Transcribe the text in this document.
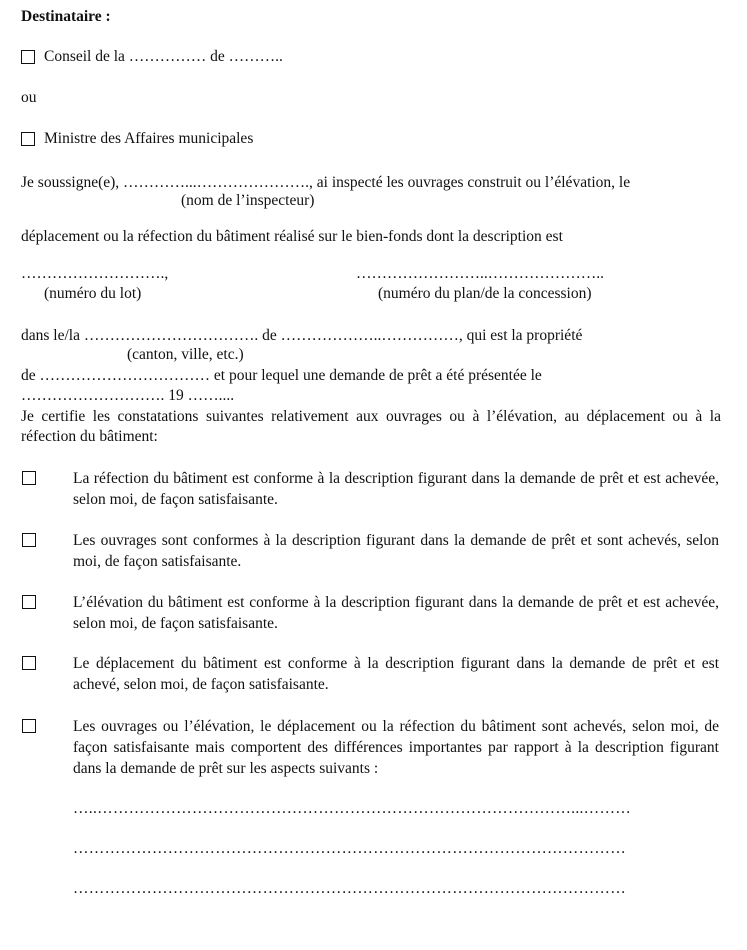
Destinataire :
Conseil de la …………… de ………..
ou
Ministre des Affaires municipales
Je soussigne(e), …………...…………………., ai inspecté les ouvrages construit ou l’élévation, le
(nom de l’inspecteur)
déplacement ou la réfection du bâtiment réalisé sur le bien-fonds dont la description est
……………………….,	……………………..…………………..
(numéro du lot)	(numéro du plan/de la concession)
dans le/la ……………………………. de ………………..……………, qui est la propriété
(canton, ville, etc.)
de …………………………… et pour lequel une demande de prêt a été présentée le
………………………. 19 ……....
Je certifie les constatations suivantes relativement aux ouvrages ou à l’élévation, au déplacement ou à la réfection du bâtiment:
La réfection du bâtiment est conforme à la description figurant dans la demande de prêt et est achevée, selon moi, de façon satisfaisante.
Les ouvrages sont conformes à la description figurant dans la demande de prêt et sont achevés, selon moi, de façon satisfaisante.
L’élévation du bâtiment est conforme à la description figurant dans la demande de prêt et est achevée, selon moi, de façon satisfaisante.
Le déplacement du bâtiment est conforme à la description figurant dans la demande de prêt et est achevé, selon moi, de façon satisfaisante.
Les ouvrages ou l’élévation, le déplacement ou la réfection du bâtiment sont achevés, selon moi, de façon satisfaisante mais comportent des différences importantes par rapport à la description figurant dans la demande de prêt sur les aspects suivants :
…..………………………………………………………………………………...………
……………………………………………………………………………………………
……………………………………………………………………………………………
